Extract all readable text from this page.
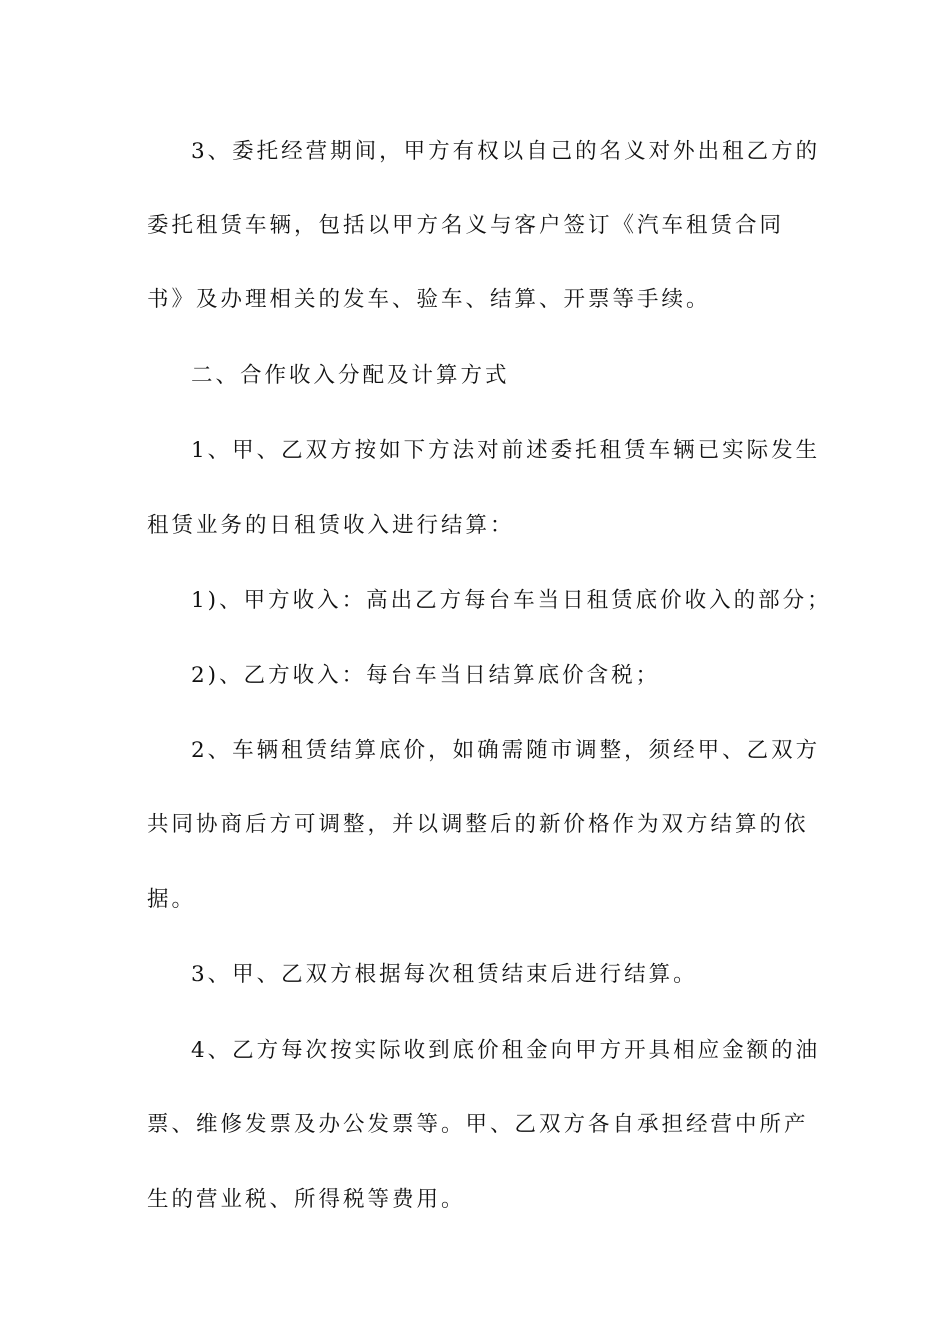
3、委托经营期间，甲方有权以自己的名义对外出租乙方的
委托租赁车辆，包括以甲方名义与客户签订《汽车租赁合同
书》及办理相关的发车、验车、结算、开票等手续。
二、合作收入分配及计算方式
1、甲、乙双方按如下方法对前述委托租赁车辆已实际发生
租赁业务的日租赁收入进行结算：
1)、甲方收入：高出乙方每台车当日租赁底价收入的部分；
2)、乙方收入：每台车当日结算底价含税；
2、车辆租赁结算底价，如确需随市调整，须经甲、乙双方
共同协商后方可调整，并以调整后的新价格作为双方结算的依
据。
3、甲、乙双方根据每次租赁结束后进行结算。
4、乙方每次按实际收到底价租金向甲方开具相应金额的油
票、维修发票及办公发票等。甲、乙双方各自承担经营中所产
生的营业税、所得税等费用。
